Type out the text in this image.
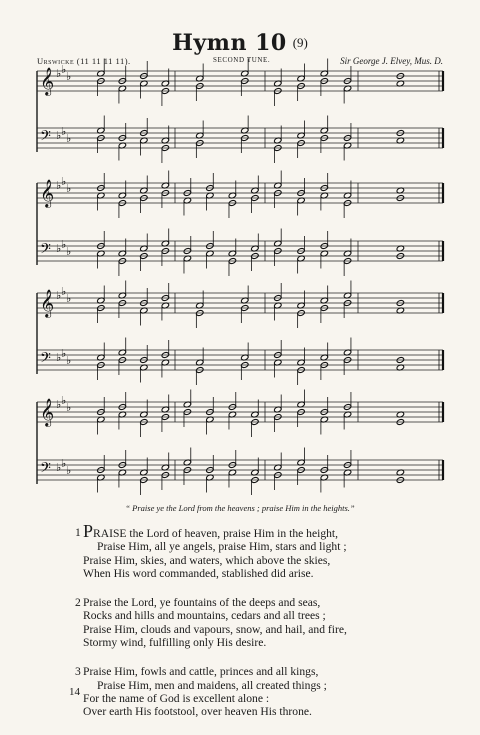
Hymn 10 (9)
Urswicke (11 11 11 11).	SECOND TUNE.	Sir George J. Elvey, Mus. D.
𝄞 ♭ ♭
♭
𝄢 ♭ ♭
♭
𝄞 ♭ ♭
♭
𝄢 ♭ ♭
♭
𝄞 ♭ ♭
♭
𝄢 ♭ ♭
♭
𝄞 ♭ ♭
♭
𝄢 ♭ ♭
♭
“ Praise ye the Lord from the heavens ; praise Him in the heights.”
1 PRAISE the Lord of heaven, praise Him in the height,
Praise Him, all ye angels, praise Him, stars and light ;
Praise Him, skies, and waters, which above the skies,
When His word commanded, stablished did arise.
2 Praise the Lord, ye fountains of the deeps and seas,
Rocks and hills and mountains, cedars and all trees ;
Praise Him, clouds and vapours, snow, and hail, and fire,
Stormy wind, fulfilling only His desire.
3 Praise Him, fowls and cattle, princes and all kings,
Praise Him, men and maidens, all created things ;
For the name of God is excellent alone :
Over earth His footstool, over heaven His throne.
14
